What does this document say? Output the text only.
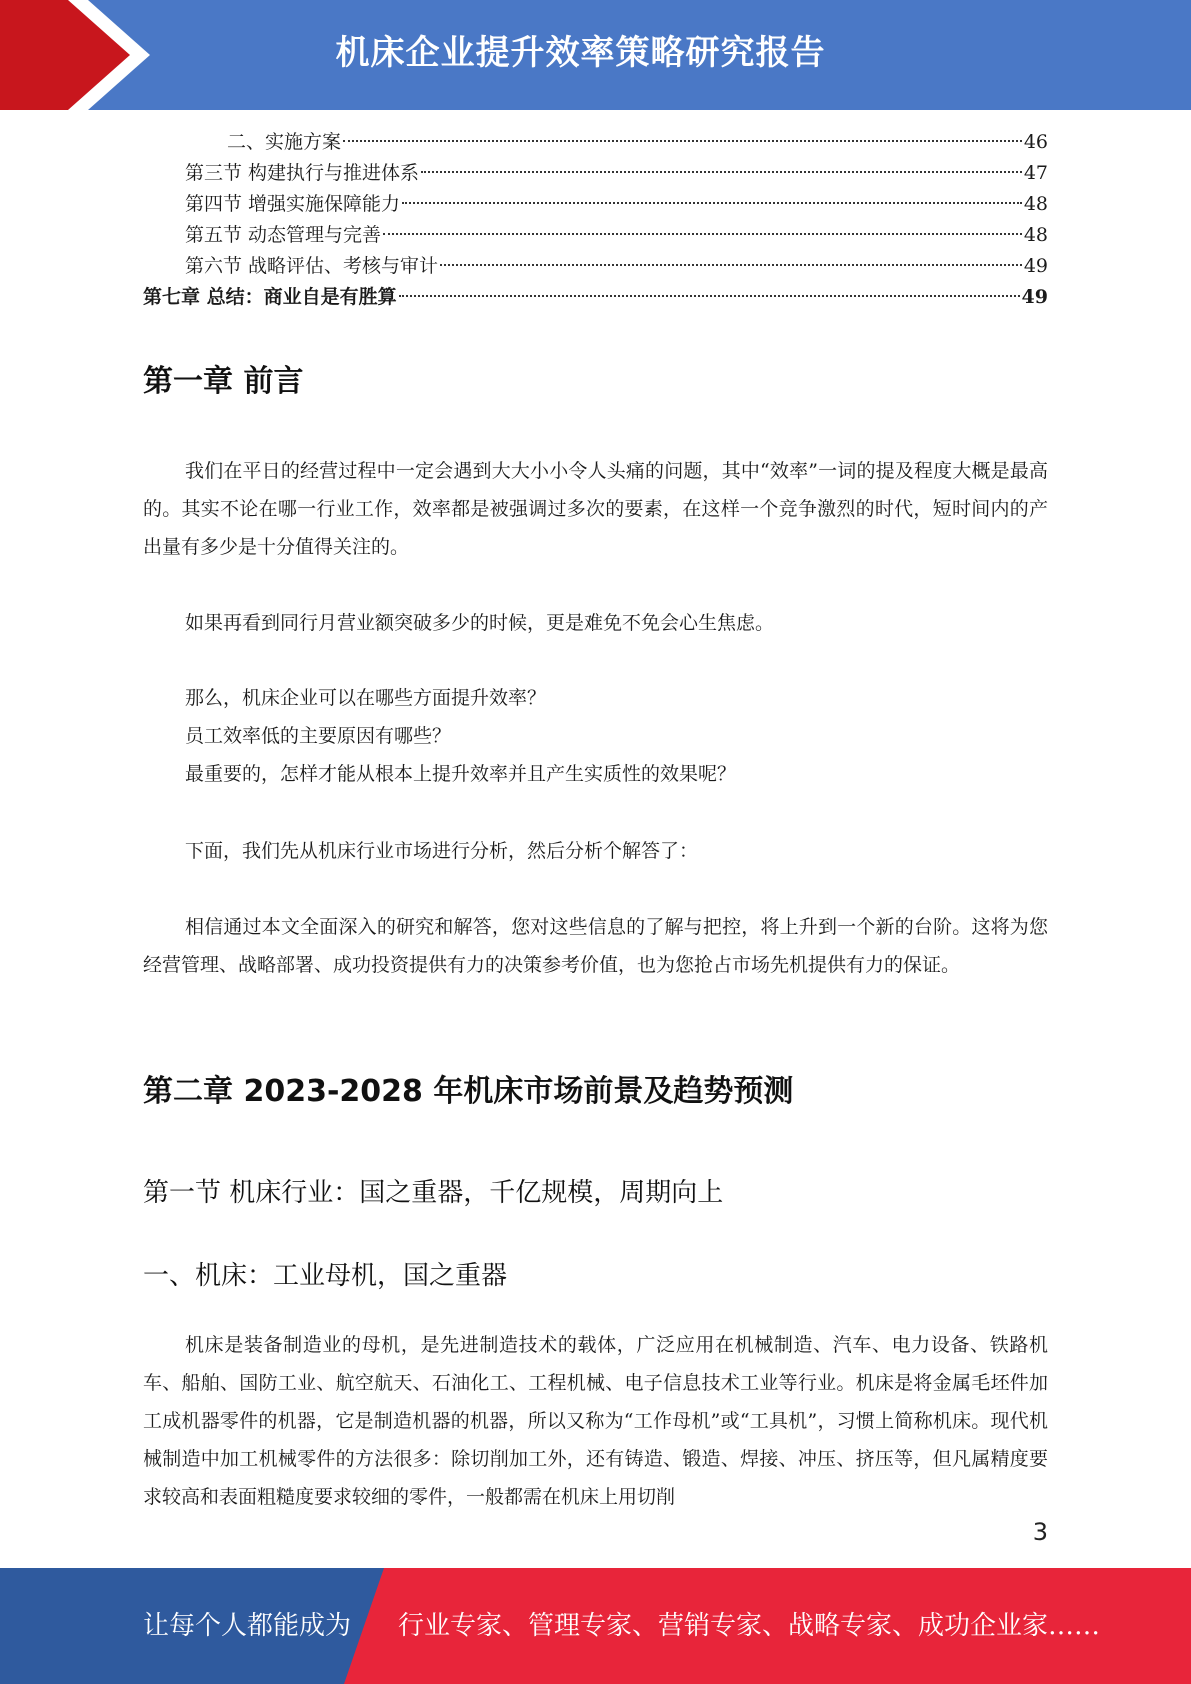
机床企业提升效率策略研究报告
二、实施方案	46
第三节 构建执行与推进体系	47
第四节 增强实施保障能力	48
第五节 动态管理与完善	48
第六节 战略评估、考核与审计	49
第七章 总结：商业自是有胜算	49
第一章 前言

我们在平日的经营过程中一定会遇到大大小小令人头痛的问题，其中“效率”一词的提及程度大概是最高的。其实不论在哪一行业工作，效率都是被强调过多次的要素，在这样一个竞争激烈的时代，短时间内的产出量有多少是十分值得关注的。

如果再看到同行月营业额突破多少的时候，更是难免不免会心生焦虑。
那么，机床企业可以在哪些方面提升效率？
员工效率低的主要原因有哪些？
最重要的，怎样才能从根本上提升效率并且产生实质性的效果呢？
下面，我们先从机床行业市场进行分析，然后分析个解答了：

相信通过本文全面深入的研究和解答，您对这些信息的了解与把控，将上升到一个新的台阶。这将为您经营管理、战略部署、成功投资提供有力的决策参考价值，也为您抢占市场先机提供有力的保证。

第二章 2023-2028 年机床市场前景及趋势预测
第一节 机床行业：国之重器，千亿规模，周期向上
一、机床：工业母机，国之重器

机床是装备制造业的母机，是先进制造技术的载体，广泛应用在机械制造、汽车、电力设备、铁路机车、船舶、国防工业、航空航天、石油化工、工程机械、电子信息技术工业等行业。机床是将金属毛坯件加工成机器零件的机器，它是制造机器的机器，所以又称为“工作母机”或“工具机”，习惯上简称机床。现代机械制造中加工机械零件的方法很多：除切削加工外，还有铸造、锻造、焊接、冲压、挤压等，但凡属精度要求较高和表面粗糙度要求较细的零件，一般都需在机床上用切削

3
让每个人都能成为 行业专家、管理专家、营销专家、战略专家、成功企业家……
